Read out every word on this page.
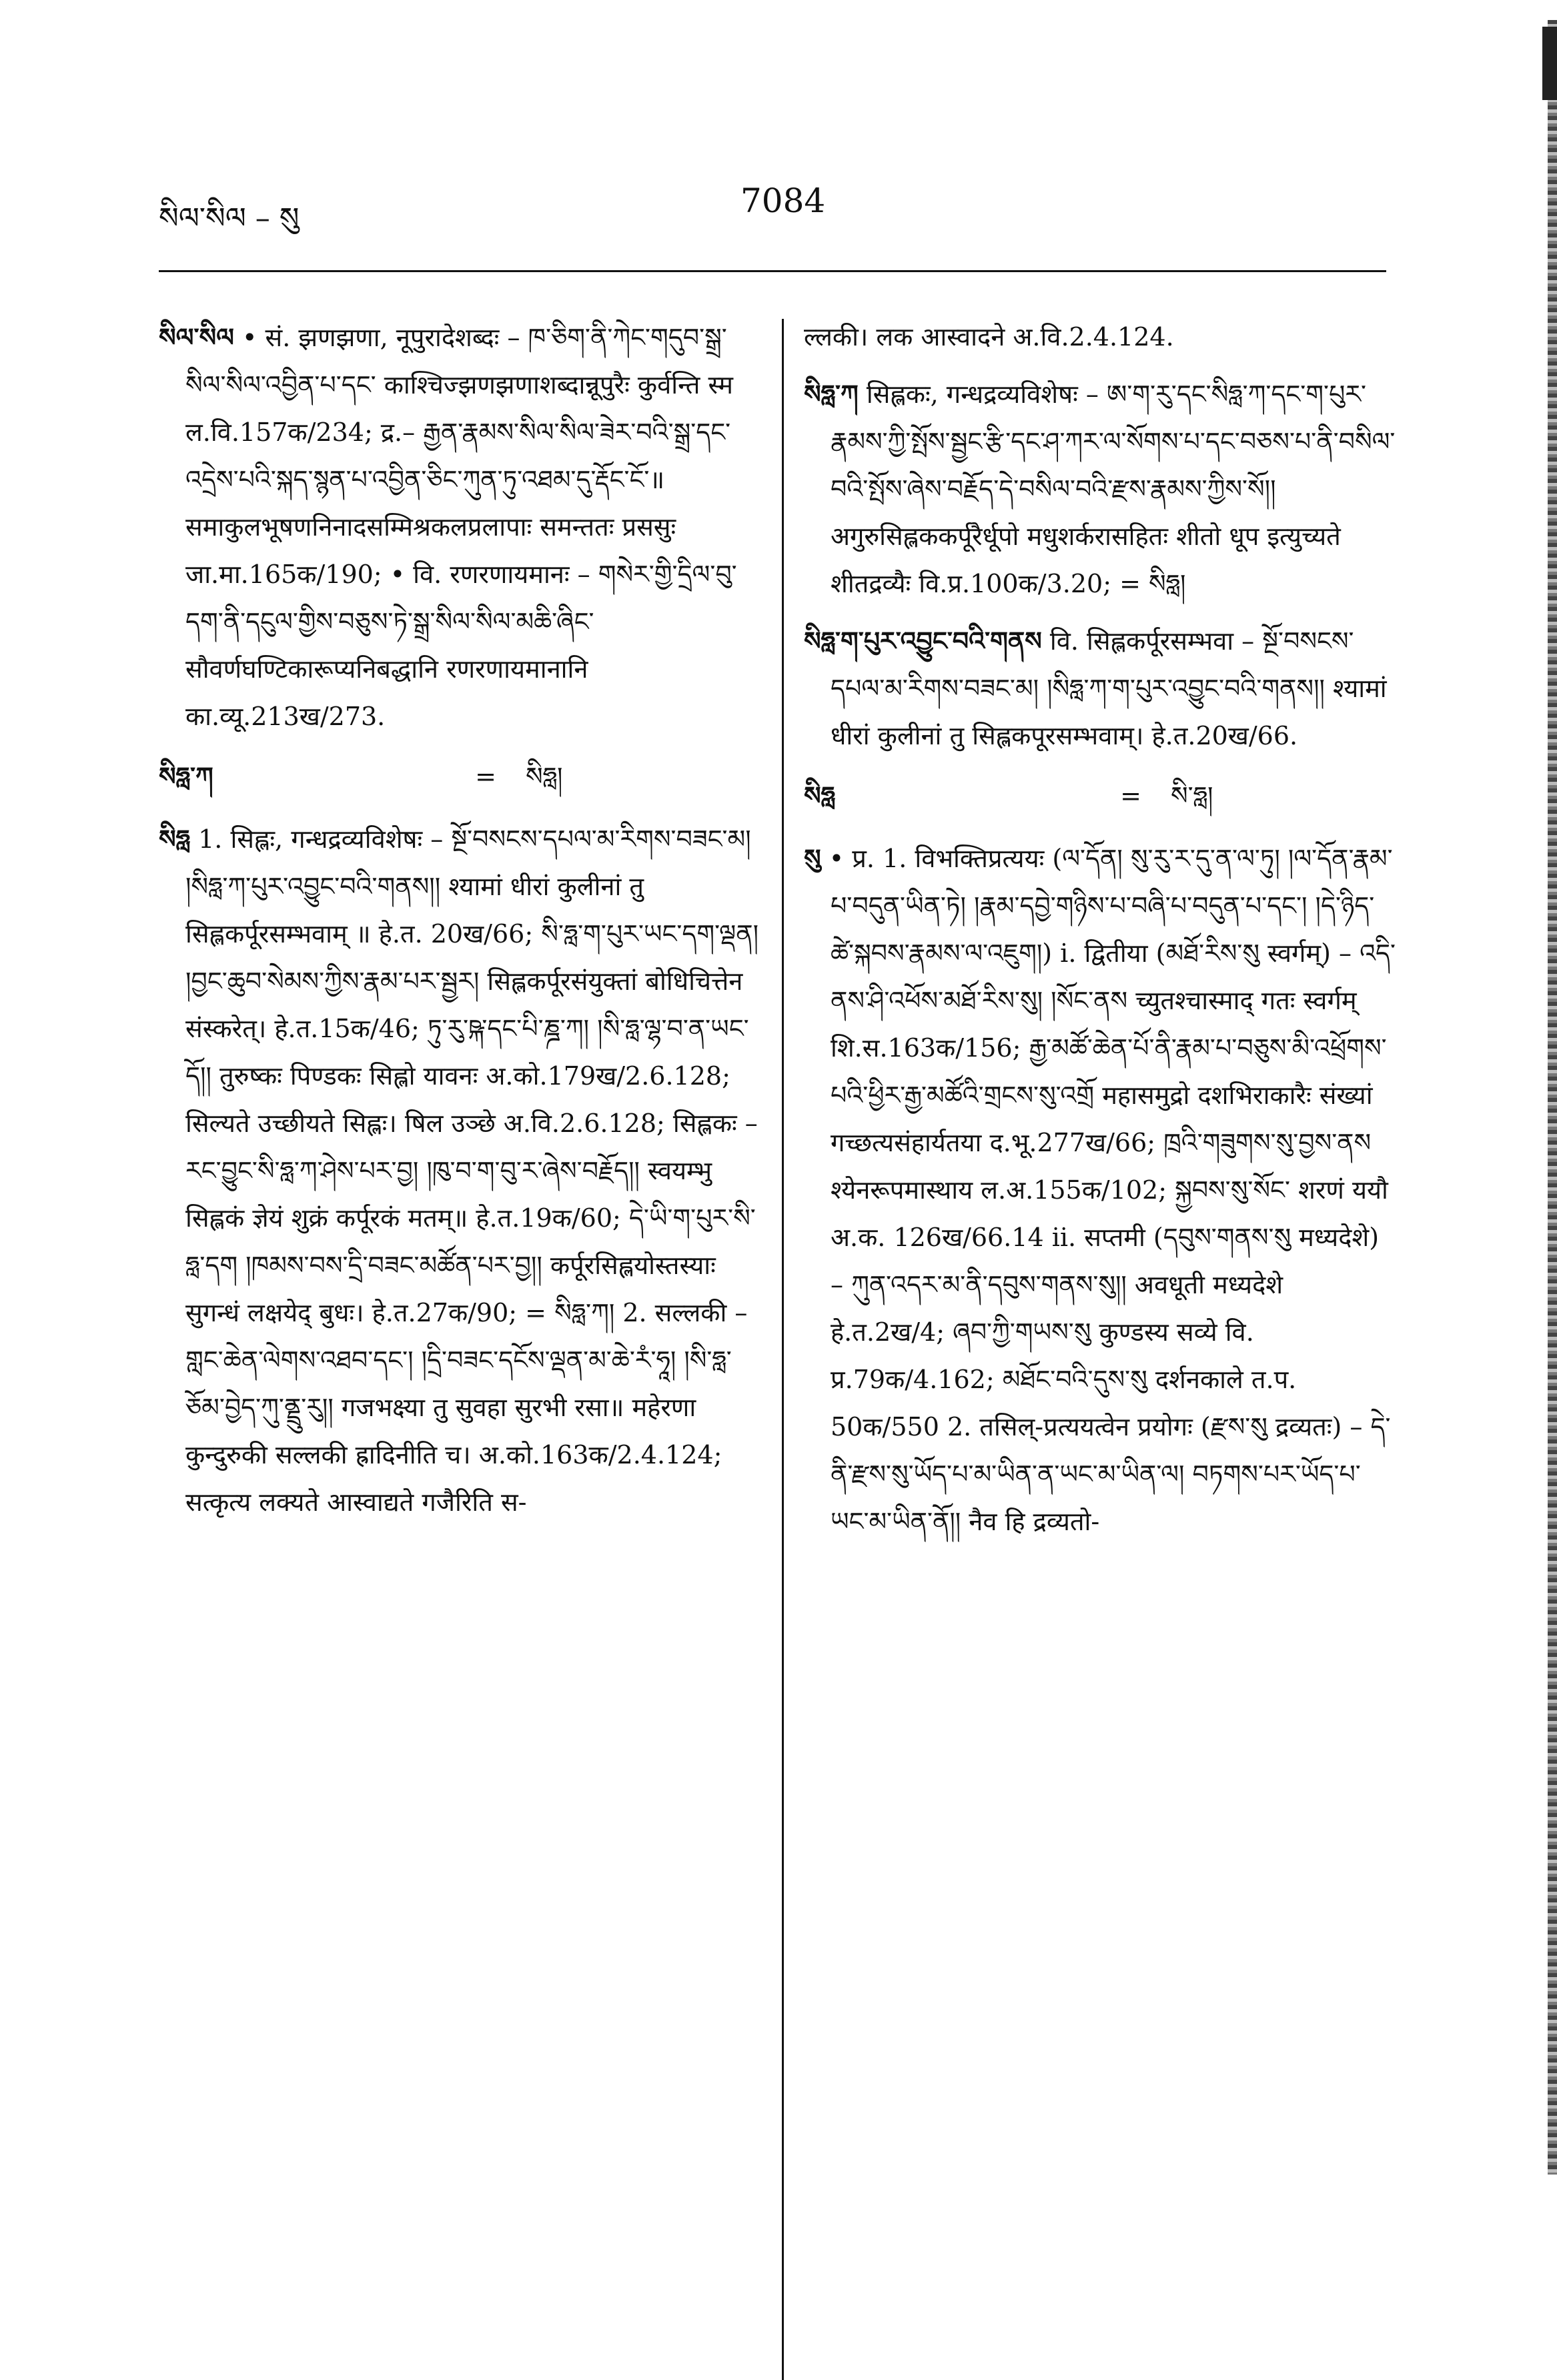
སིལ་སིལ – སུ	7084
སིལ་སིལ • सं. झणझणा, नूपुरादेशब्दः – ཁ་ཅིག་ནི་ཀེང་གདུབ་སྒྲ་སིལ་སིལ་འབྱིན་པ་དང་ काश्चिज्झणझणाशब्दान्नूपुरैः कुर्वन्ति स्म ल.वि.157क/234; द्र.– རྒྱན་རྣམས་སིལ་སིལ་ཟེར་བའི་སྒྲ་དང་འདྲེས་པའི་སྐད་སྙན་པ་འབྱིན་ཅིང་ཀུན་ཏུ་འཐམ་དུ་རྡོང་ངོ་॥ समाकुलभूषणनिनादसम्मिश्रकलप्रलापाः समन्ततः प्रससुः जा.मा.165क/190; • वि. रणरणायमानः – གསེར་གྱི་དྲིལ་བུ་དག་ནི་དངུལ་གྱིས་བཅུས་ཏེ་སྒྲ་སིལ་སིལ་མཆི་ཞིང་ सौवर्णघण्टिकारूप्यनिबद्धानि रणरणायमानानि का.व्यू.213ख/273.
སིཧླ་ཀ	= སིཧླ།
སིཧླ 1. सिह्लः, गन्धद्रव्यविशेषः – སྔོ་བསངས་དཔལ་མ་རིགས་བཟང་མ། །སིཧླ་ཀ་པུར་འབྱུང་བའི་གནས།། श्यामां धीरां कुलीनां तु सिह्लकर्पूरसम्भवाम् ॥ हे.त. 20ख/66; སི་ཧླ་ག་པུར་ཡང་དག་ལྡན། །བྱང་ཆུབ་སེམས་ཀྱིས་རྣམ་པར་སྦྱར། सिह्लकर्पूरसंयुक्तां बोधिचित्तेन संस्करेत्। हे.त.15क/46; ཏུ་རུ་ཥྐ་དང་པི་ཎྜ་ཀ། །སི་ཧླ་ལྷ་བ་ན་ཡང་དོ།། तुरुष्कः पिण्डकः सिह्लो यावनः अ.को.179ख/2.6.128; सिल्यते उच्छीयते सिह्लः। षिल उञ्छे अ.वि.2.6.128; सिह्लकः – རང་བྱུང་སི་ཧླ་ཀ་ཤེས་པར་བྱ། །ཁུ་བ་ག་བུ་ར་ཞེས་བརྗོད།། स्वयम्भु सिह्लकं ज्ञेयं शुक्रं कर्पूरकं मतम्॥ हे.त.19क/60; དེ་ཡི་ག་པུར་སི་ཧླ་དག །ཁམས་བས་དྲི་བཟང་མཚོན་པར་བྱ།། कर्पूरसिह्लयोस्तस्याः सुगन्धं लक्षयेद् बुधः। हे.त.27क/90; = སིཧླ་ཀ། 2. सल्लकी – གླང་ཆེན་ལེགས་འཐབ་དང་། །དྲི་བཟང་དངོས་ལྡན་མ་ཆེ་རཾ་ཧཱ། །སི་ཧླ་ཅོམ་བྱེད་ཀུ་ནྡྲུ་རུ།། गजभक्ष्या तु सुवहा सुरभी रसा॥ महेरणा कुन्दुरुकी सल्लकी ह्रादिनीति च। अ.को.163क/2.4.124; सत्कृत्य लक्यते आस्वाद्यते गजैरिति स-
ल्लकी। लक आस्वादने अ.वि.2.4.124.
སིཧླ་ཀ सिह्लकः, गन्धद्रव्यविशेषः – ཨ་ག་རུ་དང་སིཧླ་ཀ་དང་ག་པུར་རྣམས་ཀྱི་སྤོས་སྦྱང་རྩི་དང་ཤ་ཀར་ལ་སོགས་པ་དང་བཅས་པ་ནི་བསིལ་བའི་སྤོས་ཞེས་བརྗོད་དེ་བསིལ་བའི་རྫས་རྣམས་ཀྱིས་སོ།། अगुरुसिह्लककर्पूरैर्धूपो मधुशर्करासहितः शीतो धूप इत्युच्यते शीतद्रव्यैः वि.प्र.100क/3.20; = སིཧླ།
སིཧླ་ག་པུར་འབྱུང་བའི་གནས वि. सिह्लकर्पूरसम्भवा – སྔོ་བསངས་དཔལ་མ་རིགས་བཟང་མ། །སིཧླ་ཀ་ག་པུར་འབྱུང་བའི་གནས།། श्यामां धीरां कुलीनां तु सिह्लकपूरसम्भवाम्। हे.त.20ख/66.
སིཧླ	= སི་ཧླ།
སུ • प्र. 1. विभक्तिप्रत्ययः (ལ་དོན། སུ་རུ་ར་དུ་ན་ལ་ཏུ། །ལ་དོན་རྣམ་པ་བདུན་ཡིན་ཏེ། །རྣམ་དབྱེ་གཉིས་པ་བཞི་པ་བདུན་པ་དང་། །དེ་ཉིད་ཚེ་སྐབས་རྣམས་ལ་འཇུག།) i. द्वितीया (མཐོ་རིས་སུ स्वर्गम्) – འདི་ནས་ཤི་འཕོས་མཐོ་རིས་སུ། །སོང་ནས च्युतश्चास्माद् गतः स्वर्गम् शि.स.163क/156; རྒྱ་མཚོ་ཆེན་པོ་ནི་རྣམ་པ་བཅུས་མི་འཕྲོགས་པའི་ཕྱིར་རྒྱ་མཚོའི་གྲངས་སུ་འགྲོ महासमुद्रो दशभिराकारैः संख्यां गच्छत्यसंहार्यतया द.भू.277ख/66; ཁྲའི་གཟུགས་སུ་བྱས་ནས श्येनरूपमास्थाय ल.अ.155क/102; སྐྱབས་སུ་སོང་ शरणं ययौ अ.क. 126ख/66.14 ii. सप्तमी (དབུས་གནས་སུ मध्यदेशे) – ཀུན་འདར་མ་ནི་དབུས་གནས་སུ།། अवधूती मध्यदेशे हे.त.2ख/4; ཞབ་ཀྱི་གཡས་སུ कुण्डस्य सव्ये वि. प्र.79क/4.162; མཐོང་བའི་དུས་སུ दर्शनकाले त.प. 50क/550 2. तसिल्-प्रत्ययत्वेन प्रयोगः (རྫས་སུ द्रव्यतः) – དེ་ནི་རྫས་སུ་ཡོད་པ་མ་ཡིན་ན་ཡང་མ་ཡིན་ལ། བཏགས་པར་ཡོད་པ་ཡང་མ་ཡིན་ནོ།། नैव हि द्रव्यतो-
